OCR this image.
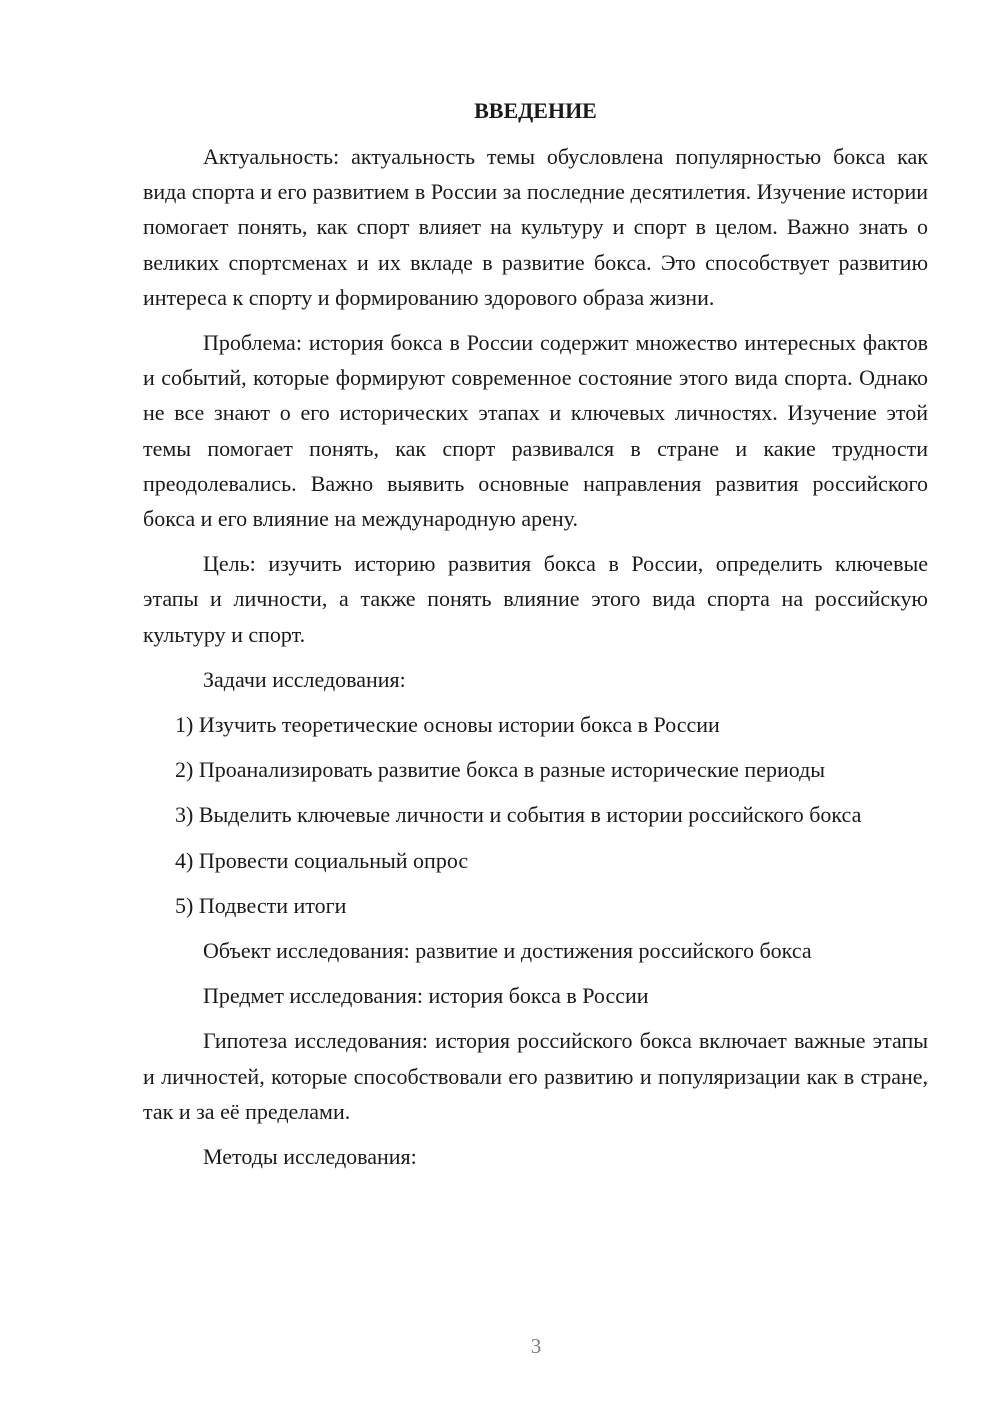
ВВЕДЕНИЕ

Актуальность: актуальность темы обусловлена популярностью бокса как вида спорта и его развитием в России за последние десятилетия. Изучение истории помогает понять, как спорт влияет на культуру и спорт в целом. Важно знать о великих спортсменах и их вкладе в развитие бокса. Это способствует развитию интереса к спорту и формированию здорового образа жизни.

Проблема: история бокса в России содержит множество интересных фактов и событий, которые формируют современное состояние этого вида спорта. Однако не все знают о его исторических этапах и ключевых личностях. Изучение этой темы помогает понять, как спорт развивался в стране и какие трудности преодолевались. Важно выявить основные направления развития российского бокса и его влияние на международную арену.

Цель: изучить историю развития бокса в России, определить ключевые этапы и личности, а также понять влияние этого вида спорта на российскую культуру и спорт.

Задачи исследования:

1) Изучить теоретические основы истории бокса в России

2) Проанализировать развитие бокса в разные исторические периоды

3) Выделить ключевые личности и события в истории российского бокса

4) Провести социальный опрос

5) Подвести итоги

Объект исследования: развитие и достижения российского бокса

Предмет исследования: история бокса в России

Гипотеза исследования: история российского бокса включает важные этапы и личностей, которые способствовали его развитию и популяризации как в стране, так и за её пределами.

Методы исследования:

3
